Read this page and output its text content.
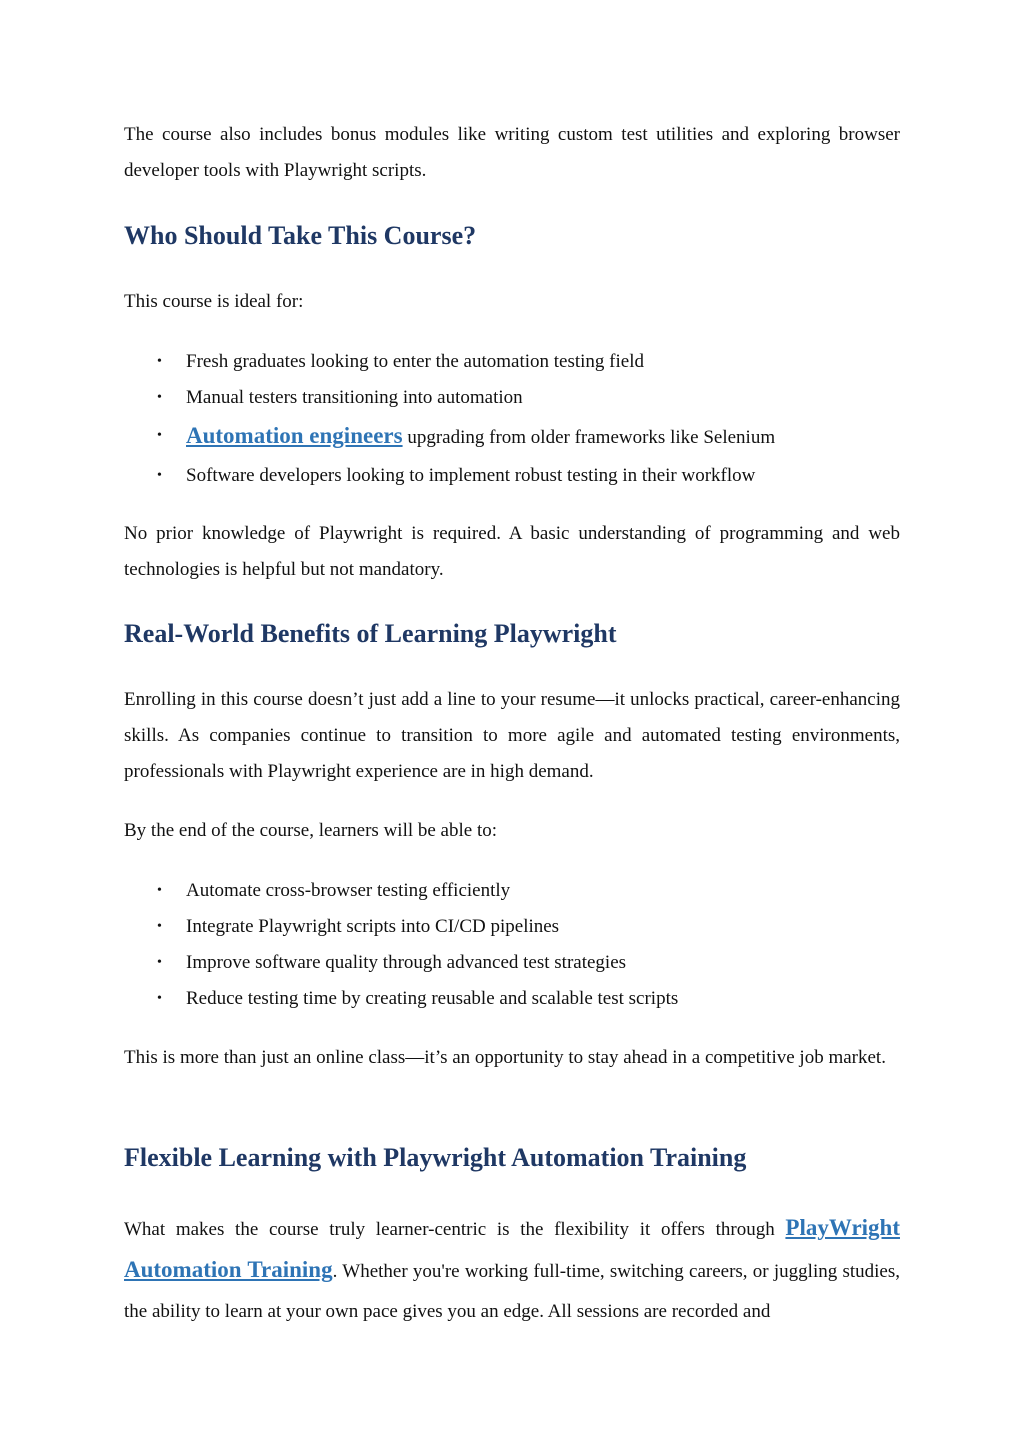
The course also includes bonus modules like writing custom test utilities and exploring browser developer tools with Playwright scripts.

Who Should Take This Course?

This course is ideal for:

• Fresh graduates looking to enter the automation testing field
• Manual testers transitioning into automation
• Automation engineers upgrading from older frameworks like Selenium
• Software developers looking to implement robust testing in their workflow

No prior knowledge of Playwright is required. A basic understanding of programming and web technologies is helpful but not mandatory.

Real-World Benefits of Learning Playwright

Enrolling in this course doesn’t just add a line to your resume—it unlocks practical, career-enhancing skills. As companies continue to transition to more agile and automated testing environments, professionals with Playwright experience are in high demand.

By the end of the course, learners will be able to:

• Automate cross-browser testing efficiently
• Integrate Playwright scripts into CI/CD pipelines
• Improve software quality through advanced test strategies
• Reduce testing time by creating reusable and scalable test scripts

This is more than just an online class—it’s an opportunity to stay ahead in a competitive job market.

Flexible Learning with Playwright Automation Training

What makes the course truly learner-centric is the flexibility it offers through PlayWright Automation Training. Whether you're working full-time, switching careers, or juggling studies, the ability to learn at your own pace gives you an edge. All sessions are recorded and
